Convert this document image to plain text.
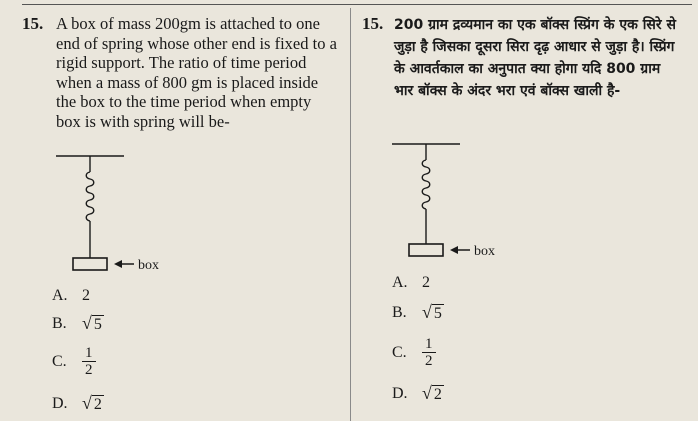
15. A box of mass 200gm is attached to one end of spring whose other end is fixed to a rigid support. The ratio of time period when a mass of 800 gm is placed inside the box to the time period when empty box is with spring will be-
box
A. 2
B. √ 5
C.	$\frac{1}{2}$
D. √ 2
15. 200 ग्राम द्रव्यमान का एक बॉक्स स्प्रिंग के एक सिरे से जुड़ा है जिसका दूसरा सिरा दृढ़ आधार से जुड़ा है। स्प्रिंग के आवर्तकाल का अनुपात क्या होगा यदि 800 ग्राम भार बॉक्स के अंदर भरा एवं बॉक्स खाली है-
box
A. 2
B. √ 5
C.	$\frac{1}{2}$
D. √ 2
